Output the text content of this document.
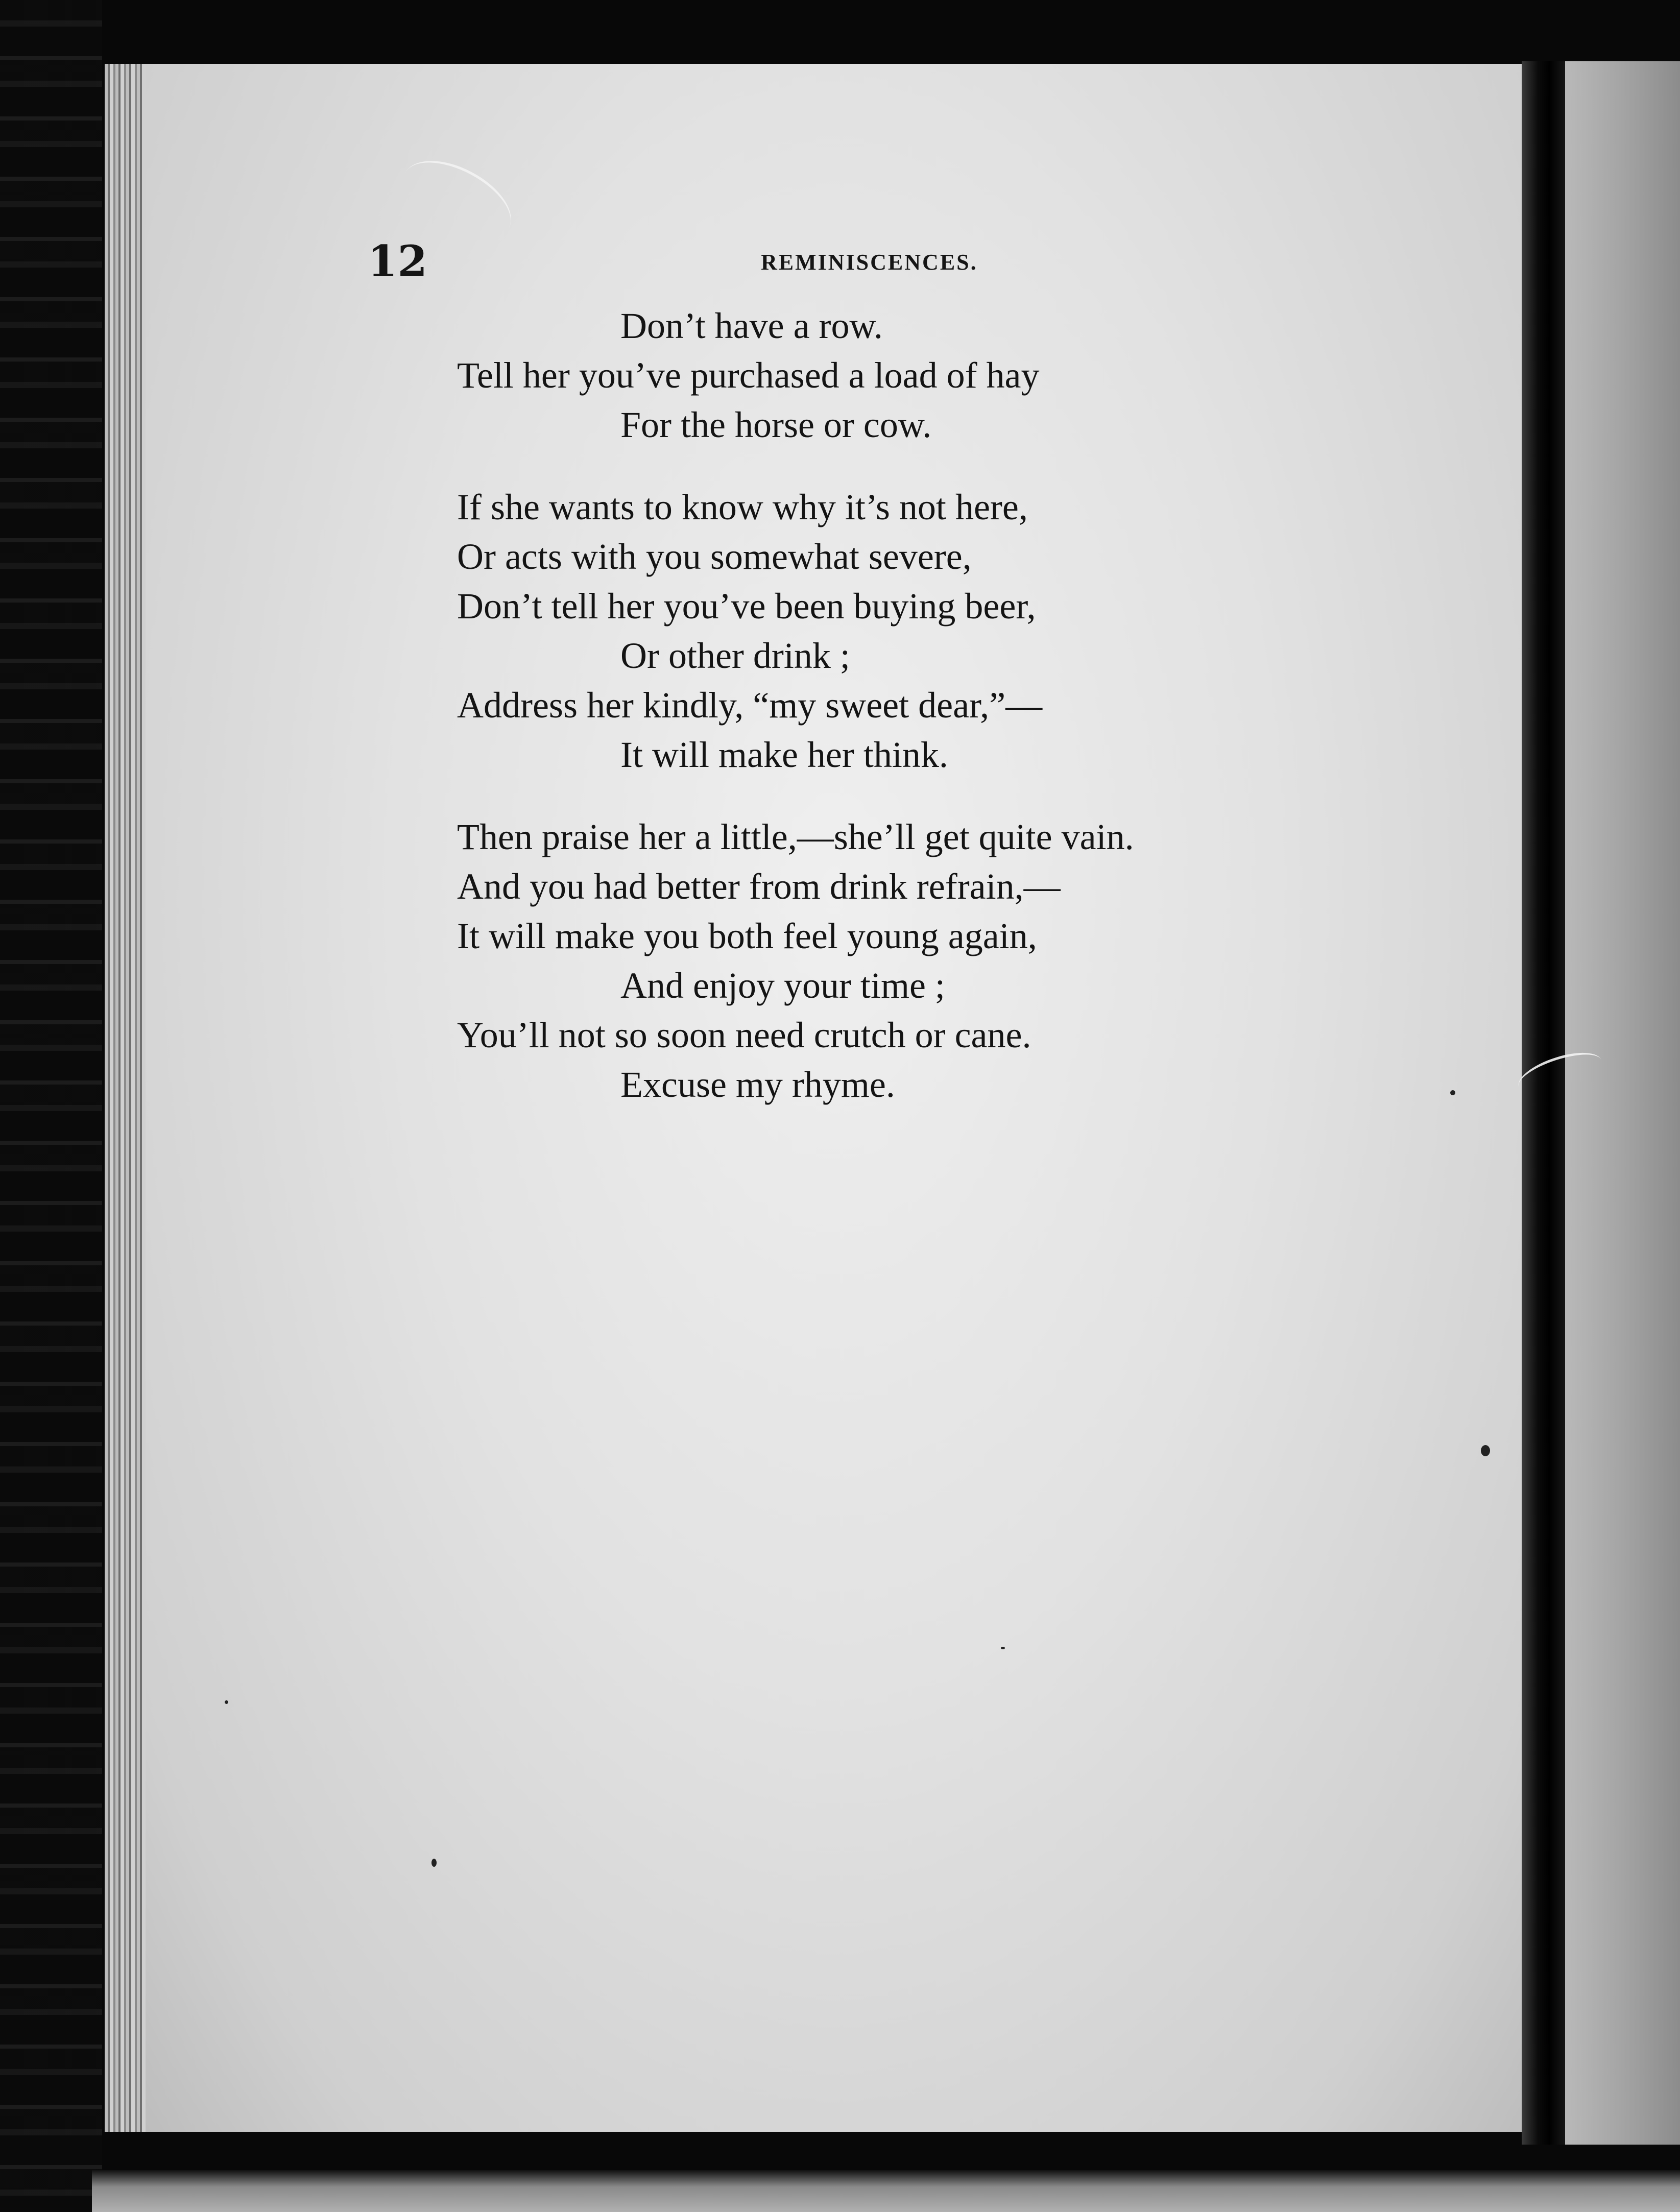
12	REMINISCENCES.
Don’t have a row.
Tell her you’ve purchased a load of hay
For the horse or cow.
If she wants to know why it’s not here,
Or acts with you somewhat severe,
Don’t tell her you’ve been buying beer,
Or other drink ;
Address her kindly, “my sweet dear,”—
It will make her think.
Then praise her a little,—she’ll get quite vain.
And you had better from drink refrain,—
It will make you both feel young again,
And enjoy your time ;
You’ll not so soon need crutch or cane.
Excuse my rhyme.
